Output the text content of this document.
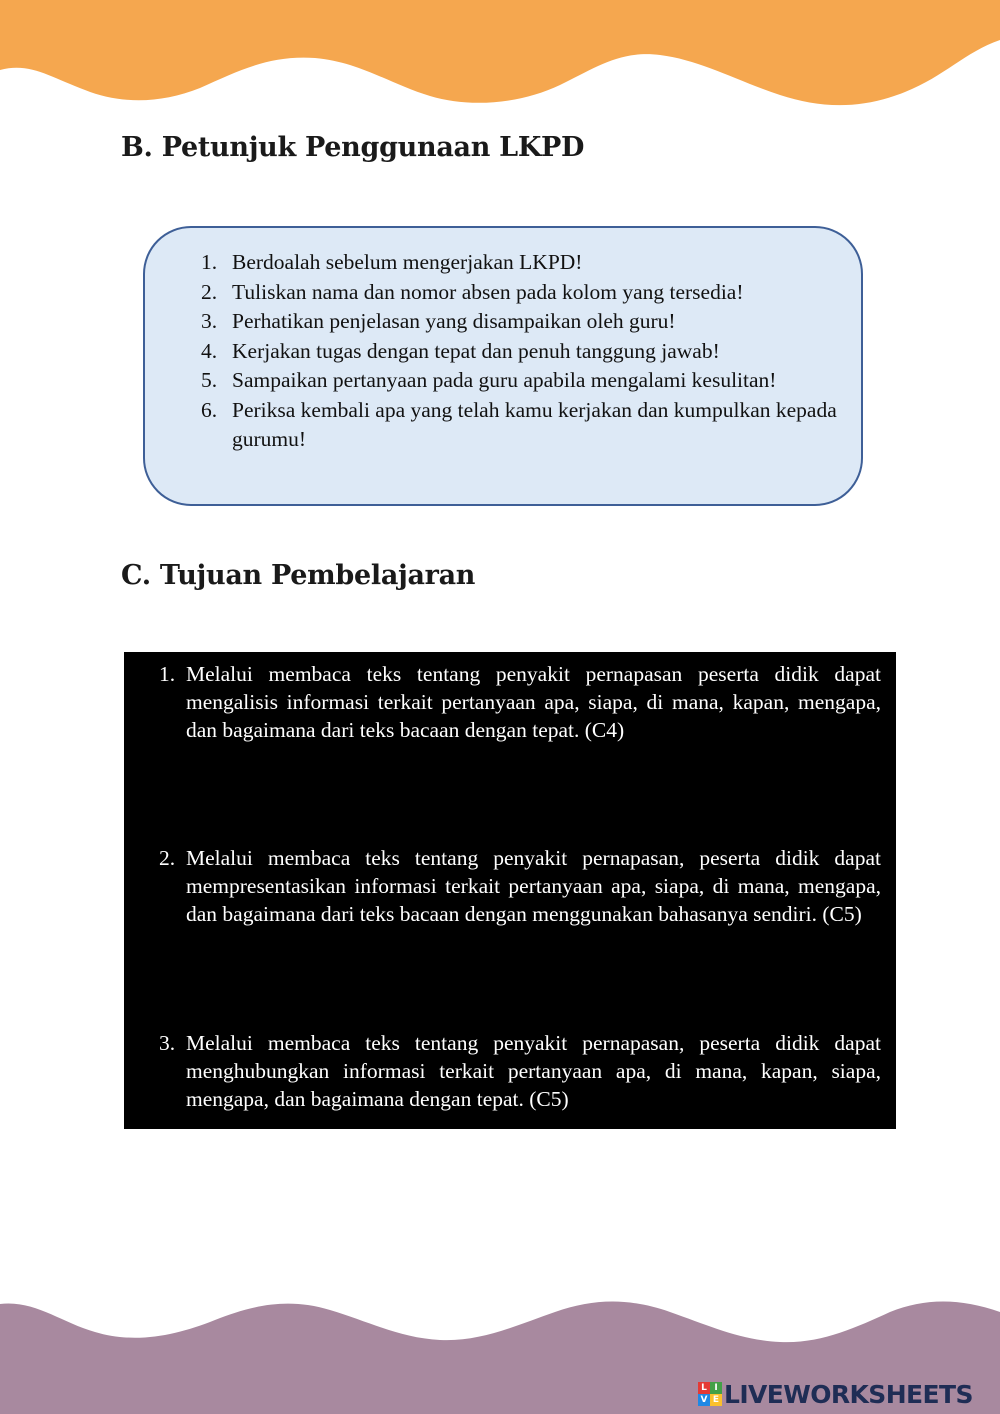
B. Petunjuk Penggunaan LKPD
1. Berdoalah sebelum mengerjakan LKPD!
2. Tuliskan nama dan nomor absen pada kolom yang tersedia!
3. Perhatikan penjelasan yang disampaikan oleh guru!
4. Kerjakan tugas dengan tepat dan penuh tanggung jawab!
5. Sampaikan pertanyaan pada guru apabila mengalami kesulitan!
6. Periksa kembali apa yang telah kamu kerjakan dan kumpulkan kepada gurumu!
C. Tujuan Pembelajaran
1. Melalui membaca teks tentang penyakit pernapasan peserta didik dapat mengalisis informasi terkait pertanyaan apa, siapa, di mana, kapan, mengapa, dan bagaimana dari teks bacaan dengan tepat. (C4)
2. Melalui membaca teks tentang penyakit pernapasan, peserta didik dapat mempresentasikan informasi terkait pertanyaan apa, siapa, di mana, mengapa, dan bagaimana dari teks bacaan dengan menggunakan bahasanya sendiri. (C5)
3. Melalui membaca teks tentang penyakit pernapasan, peserta didik dapat menghubungkan informasi terkait pertanyaan apa, di mana, kapan, siapa, mengapa, dan bagaimana dengan tepat. (C5)
L I
V E LIVEWORKSHEETS
